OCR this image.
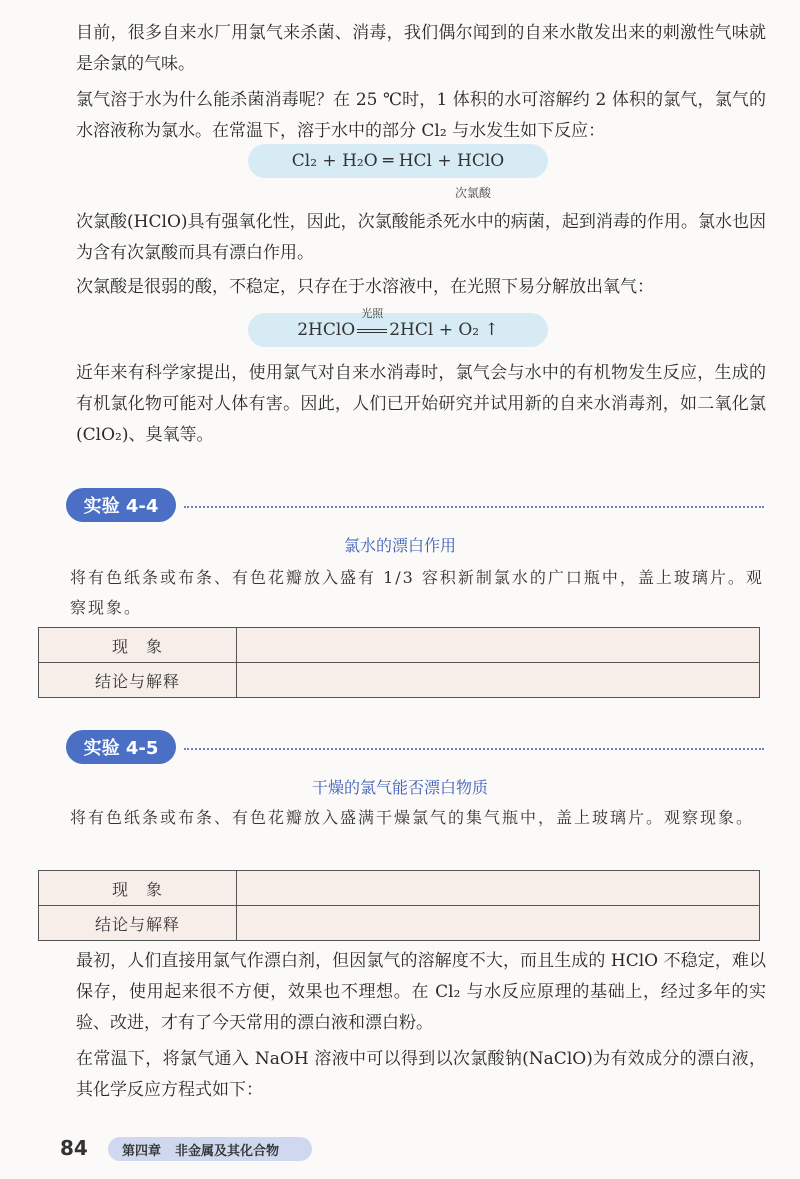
目前，很多自来水厂用氯气来杀菌、消毒，我们偶尔闻到的自来水散发出来的刺激性气味就是余氯的气味。

氯气溶于水为什么能杀菌消毒呢？在 25 ℃时，1 体积的水可溶解约 2 体积的氯气，氯气的水溶液称为氯水。在常温下，溶于水中的部分 Cl₂ 与水发生如下反应：

Cl₂ + H₂O ═ HCl + HClO
次氯酸

次氯酸(HClO)具有强氧化性，因此，次氯酸能杀死水中的病菌，起到消毒的作用。氯水也因为含有次氯酸而具有漂白作用。

次氯酸是很弱的酸，不稳定，只存在于水溶液中，在光照下易分解放出氧气：

2HClO
光照
2HCl + O₂ ↑

近年来有科学家提出，使用氯气对自来水消毒时，氯气会与水中的有机物发生反应，生成的有机氯化物可能对人体有害。因此，人们已开始研究并试用新的自来水消毒剂，如二氧化氯(ClO₂)、臭氧等。

实验 4-4
氯水的漂白作用
将有色纸条或布条、有色花瓣放入盛有 1/3 容积新制氯水的广口瓶中，盖上玻璃片。观察现象。
现　象	
结论与解释	
实验 4-5
干燥的氯气能否漂白物质
将有色纸条或布条、有色花瓣放入盛满干燥氯气的集气瓶中，盖上玻璃片。观察现象。
现　象	
结论与解释	

最初，人们直接用氯气作漂白剂，但因氯气的溶解度不大，而且生成的 HClO 不稳定，难以保存，使用起来很不方便，效果也不理想。在 Cl₂ 与水反应原理的基础上，经过多年的实验、改进，才有了今天常用的漂白液和漂白粉。

在常温下，将氯气通入 NaOH 溶液中可以得到以次氯酸钠(NaClO)为有效成分的漂白液，其化学反应方程式如下：

84	第四章 非金属及其化合物
